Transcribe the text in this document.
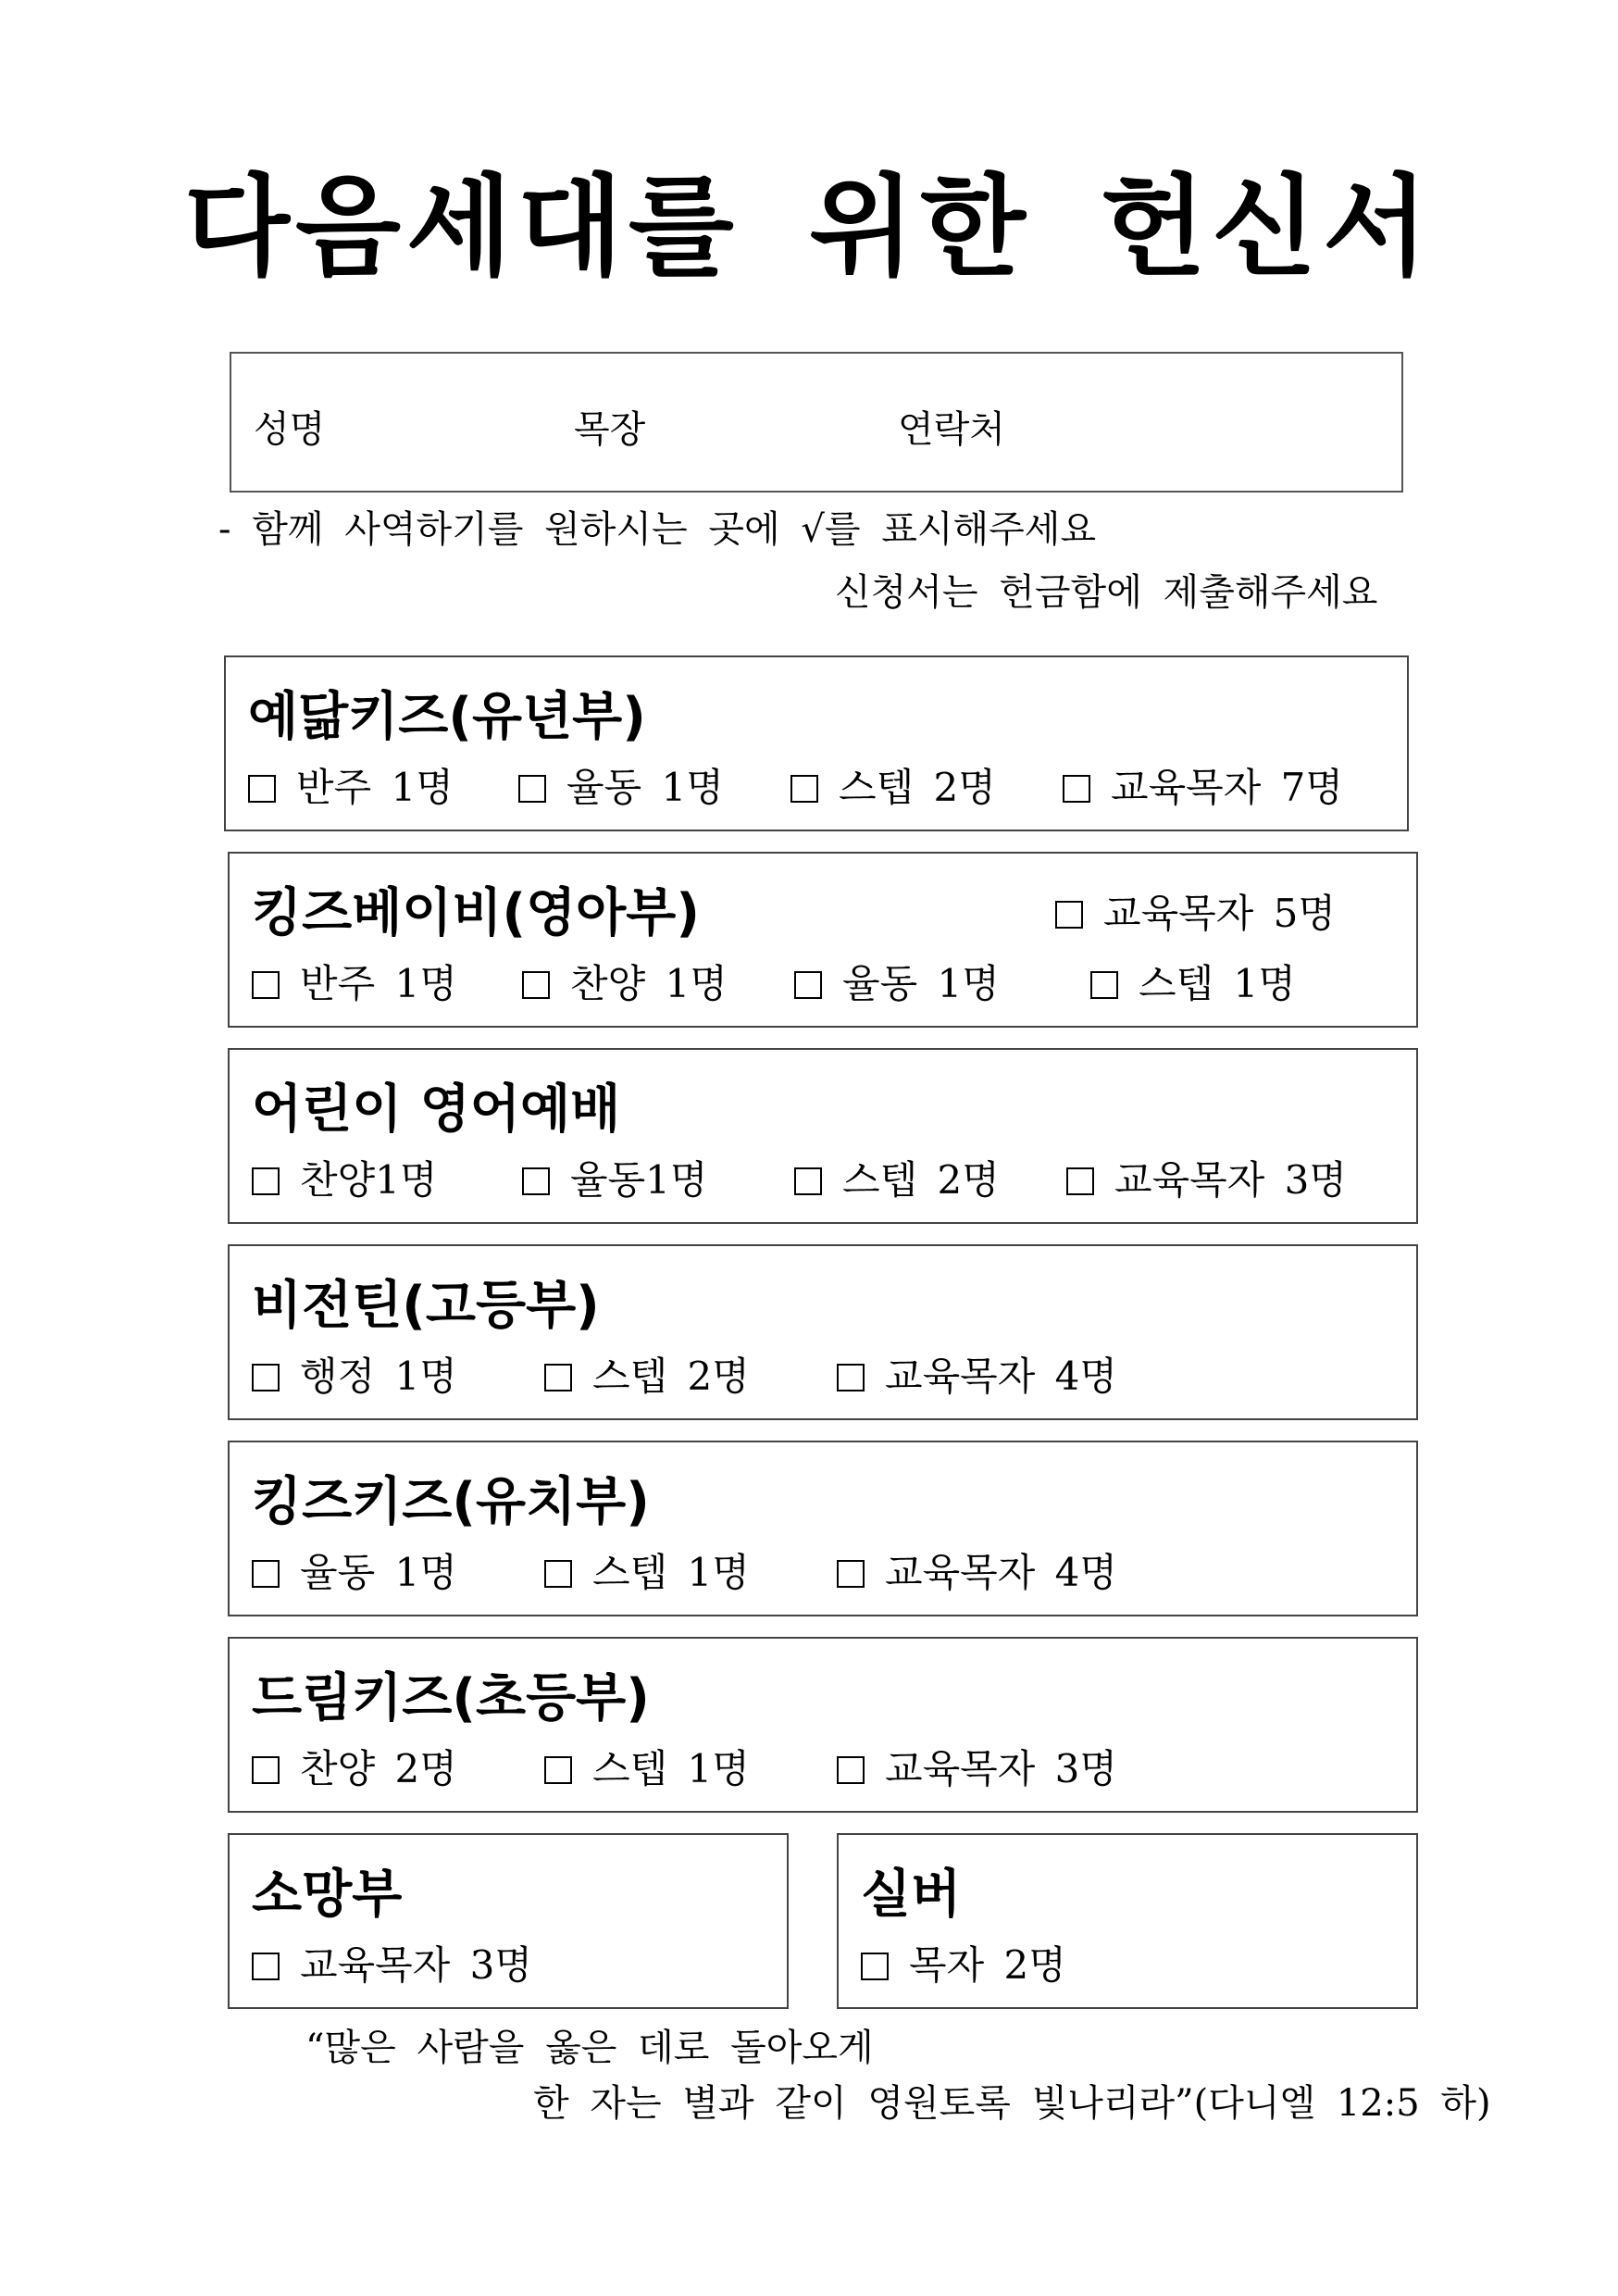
다음세대를 위한 헌신서
성명	목장	연락처
- 함께 사역하기를 원하시는 곳에 √를 표시해주세요
신청서는 헌금함에 제출해주세요
예닮키즈(유년부)
반주 1명	율동 1명	스텝 2명	교육목자 7명
킹즈베이비(영아부)	교육목자 5명
반주 1명	찬양 1명	율동 1명	스텝 1명
어린이 영어예배
찬양1명	율동1명	스텝 2명	교육목자 3명
비전틴(고등부)
행정 1명	스텝 2명	교육목자 4명
킹즈키즈(유치부)
율동 1명	스텝 1명	교육목자 4명
드림키즈(초등부)
찬양 2명	스텝 1명	교육목자 3명
소망부
교육목자 3명
실버
목자 2명
“많은 사람을 옳은 데로 돌아오게
한 자는 별과 같이 영원토록 빛나리라”(다니엘 12:5 하)
